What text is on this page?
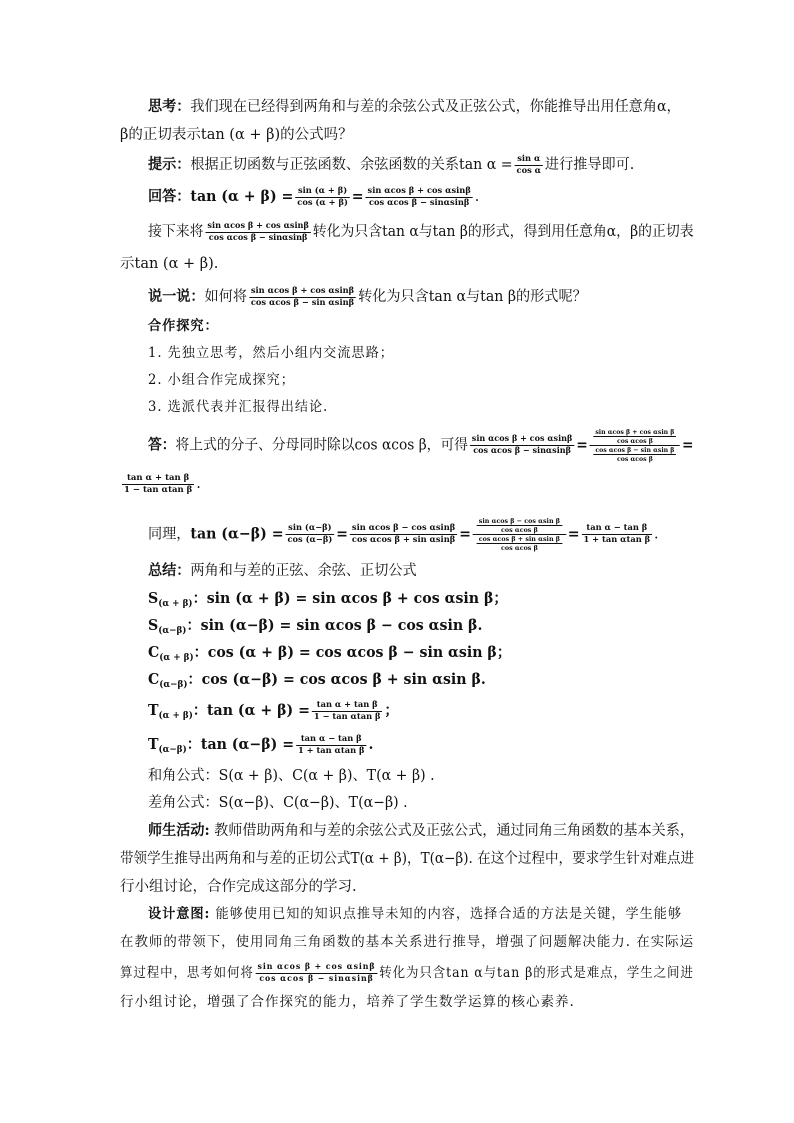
思考：我们现在已经得到两角和与差的余弦公式及正弦公式，你能推导出用任意角α，
β的正切表示tan (α + β)的公式吗？
提示：根据正切函数与正弦函数、余弦函数的关系$\tan \alpha = \frac{\text{sin α}}{\text{cos α}}$ 进行推导即可.
回答：$\tan (\alpha + \beta) = \frac{\sin (\alpha + \beta)}{\cos (\alpha + \beta)} = \frac{\text{sin αcos β + cos αsinβ}}{\text{cos αcos β − sinαsinβ}}$ .
接下来将 $\frac{\text{sin αcos β + cos αsinβ}}{\text{cos αcos β − sinαsinβ}}$ 转化为只含tan α与tan β的形式，得到用任意角α，β的正切表
示tan (α + β).
说一说：如何将 $\frac{\text{sin αcos β + cos αsinβ}}{\text{cos αcos β − sin αsinβ}}$ 转化为只含tan α与tan β的形式呢？
合作探究：
1. 先独立思考，然后小组内交流思路；
2. 小组合作完成探究；
3. 选派代表并汇报得出结论.
答：将上式的分子、分母同时除以cos αcos β，可得 $\frac{\text{sin αcos β + cos αsinβ}}{\text{cos αcos β − sinαsinβ}} = \frac{\frac{\text{sin αcos β + cos αsin β}}{\text{cos αcos β}}}{\frac{\text{cos αcos β − sin αsin β}}{\text{cos αcos β}}}$ =
$\frac{\text{tan α + tan β}}{\text{1 − tan αtan β}}$ .
同理，$\tan (\alpha-\beta) = \frac{\sin (\alpha-\beta)}{\cos (\alpha-\beta)} = \frac{\text{sin αcos β − cos αsinβ}}{\text{cos αcos β + sin αsinβ}} = \frac{\frac{\text{sin αcos β − cos αsin β}}{\text{cos αcos β}}}{\frac{\text{cos αcos β + sin αsin β}}{\text{cos αcos β}}} = \frac{\text{tan α − tan β}}{\text{1 + tan αtan β}}$ .
总结：两角和与差的正弦、余弦、正切公式
$S_{(\alpha + \beta)}$：sin (α + β) = sin αcos β + cos αsin β；
$S_{(\alpha-\beta)}$：sin (α−β) = sin αcos β − cos αsin β.
$C_{(\alpha + \beta)}$：cos (α + β) = cos αcos β − sin αsin β；
$C_{(\alpha-\beta)}$：cos (α−β) = cos αcos β + sin αsin β.
$T_{(\alpha + \beta)}$：$\tan (\alpha + \beta) = \frac{\text{tan α + tan β}}{\text{1 − tan αtan β}}$ ；
$T_{(\alpha-\beta)}$：$\tan (\alpha-\beta) = \frac{\text{tan α − tan β}}{\text{1 + tan αtan β}}$ .
和角公式：S(α + β)、C(α + β)、T(α + β) .
差角公式：S(α−β)、C(α−β)、T(α−β) .
师生活动: 教师借助两角和与差的余弦公式及正弦公式，通过同角三角函数的基本关系，
带领学生推导出两角和与差的正切公式T(α + β)，T(α−β). 在这个过程中，要求学生针对难点进
行小组讨论，合作完成这部分的学习.
设计意图: 能够使用已知的知识点推导未知的内容，选择合适的方法是关键，学生能够
在教师的带领下，使用同角三角函数的基本关系进行推导，增强了问题解决能力. 在实际运
算过程中，思考如何将 $\frac{\text{sin αcos β + cos αsinβ}}{\text{cos αcos β − sinαsinβ}}$ 转化为只含tan α与tan β的形式是难点，学生之间进
行小组讨论，增强了合作探究的能力，培养了学生数学运算的核心素养.
